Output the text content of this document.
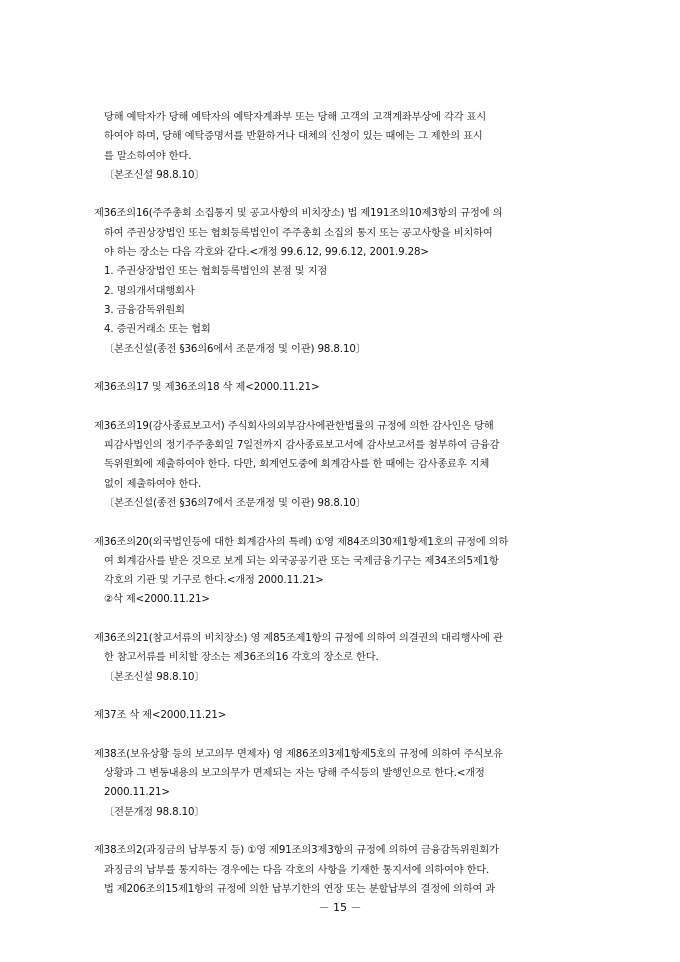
당해 예탁자가 당해 예탁자의 예탁자계좌부 또는 당해 고객의 고객계좌부상에 각각 표시
하여야 하며, 당해 예탁증명서를 반환하거나 대체의 신청이 있는 때에는 그 제한의 표시
를 말소하여야 한다.
〔본조신설 98.8.10〕
제36조의16(주주총회 소집통지 및 공고사항의 비치장소) 법 제191조의10제3항의 규정에 의
하여 주권상장법인 또는 협회등록법인이 주주총회 소집의 통지 또는 공고사항을 비치하여
야 하는 장소는 다음 각호와 같다.<개정 99.6.12, 99.6.12, 2001.9.28>
1. 주권상장법인 또는 협회등록법인의 본점 및 지점
2. 명의개서대행회사
3. 금융감독위원회
4. 증권거래소 또는 협회
〔본조신설(종전 §36의6에서 조문개정 및 이관) 98.8.10〕
제36조의17 및 제36조의18 삭 제<2000.11.21>
제36조의19(감사종료보고서) 주식회사의외부감사에관한법률의 규정에 의한 감사인은 당해
피감사법인의 정기주주총회일 7일전까지 감사종료보고서에 감사보고서를 첨부하여 금융감
독위원회에 제출하여야 한다. 다만, 회계연도중에 회계감사를 한 때에는 감사종료후 지체
없이 제출하여야 한다.
〔본조신설(종전 §36의7에서 조문개정 및 이관) 98.8.10〕
제36조의20(외국법인등에 대한 회계감사의 특례) ①영 제84조의30제1항제1호의 규정에 의하
여 회계감사를 받은 것으로 보게 되는 외국공공기관 또는 국제금융기구는 제34조의5제1항
각호의 기관 및 기구로 한다.<개정 2000.11.21>
②삭 제<2000.11.21>
제36조의21(참고서류의 비치장소) 영 제85조제1항의 규정에 의하여 의결권의 대리행사에 관
한 참고서류를 비치할 장소는 제36조의16 각호의 장소로 한다.
〔본조신설 98.8.10〕
제37조 삭 제<2000.11.21>
제38조(보유상황 등의 보고의무 면제자) 영 제86조의3제1항제5호의 규정에 의하여 주식보유
상황과 그 변동내용의 보고의무가 면제되는 자는 당해 주식등의 발행인으로 한다.<개정
2000.11.21>
〔전문개정 98.8.10〕
제38조의2(과징금의 납부통지 등) ①영 제91조의3제3항의 규정에 의하여 금융감독위원회가
과징금의 납부를 통지하는 경우에는 다음 각호의 사항을 기재한 통지서에 의하여야 한다.
법 제206조의15제1항의 규정에 의한 납부기한의 연장 또는 분할납부의 결정에 의하여 과
－ 15 －
